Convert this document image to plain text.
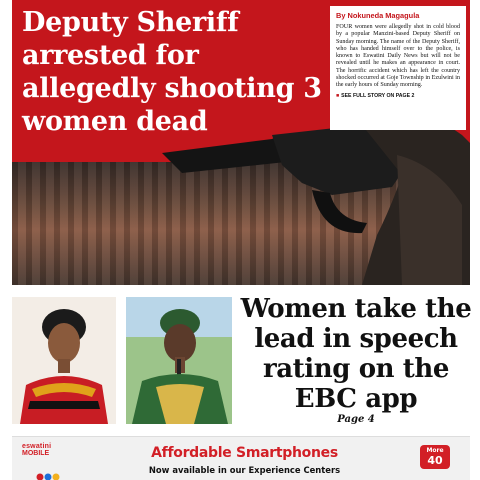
Deputy Sheriff arrested for allegedly shooting 3 women dead
By Nokuneda Magagula

FOUR women were allegedly shot in cold blood by a popular Manzini-based Deputy Sheriff on Sunday morning. The name of the Deputy Sheriff, who has handed himself over to the police, is known to Eswatini Daily News but will not be revealed until he makes an appearance in court. The horrific accident which has left the country shocked occurred at Goje Township in Ezulwini in the early hours of Sunday morning.

■ SEE FULL STORY ON PAGE 2
Women take the lead in speech rating on the EBC app
Page 4
eswatini
MOBILE	Affordable Smartphones
Now available in our Experience Centers
More
40
